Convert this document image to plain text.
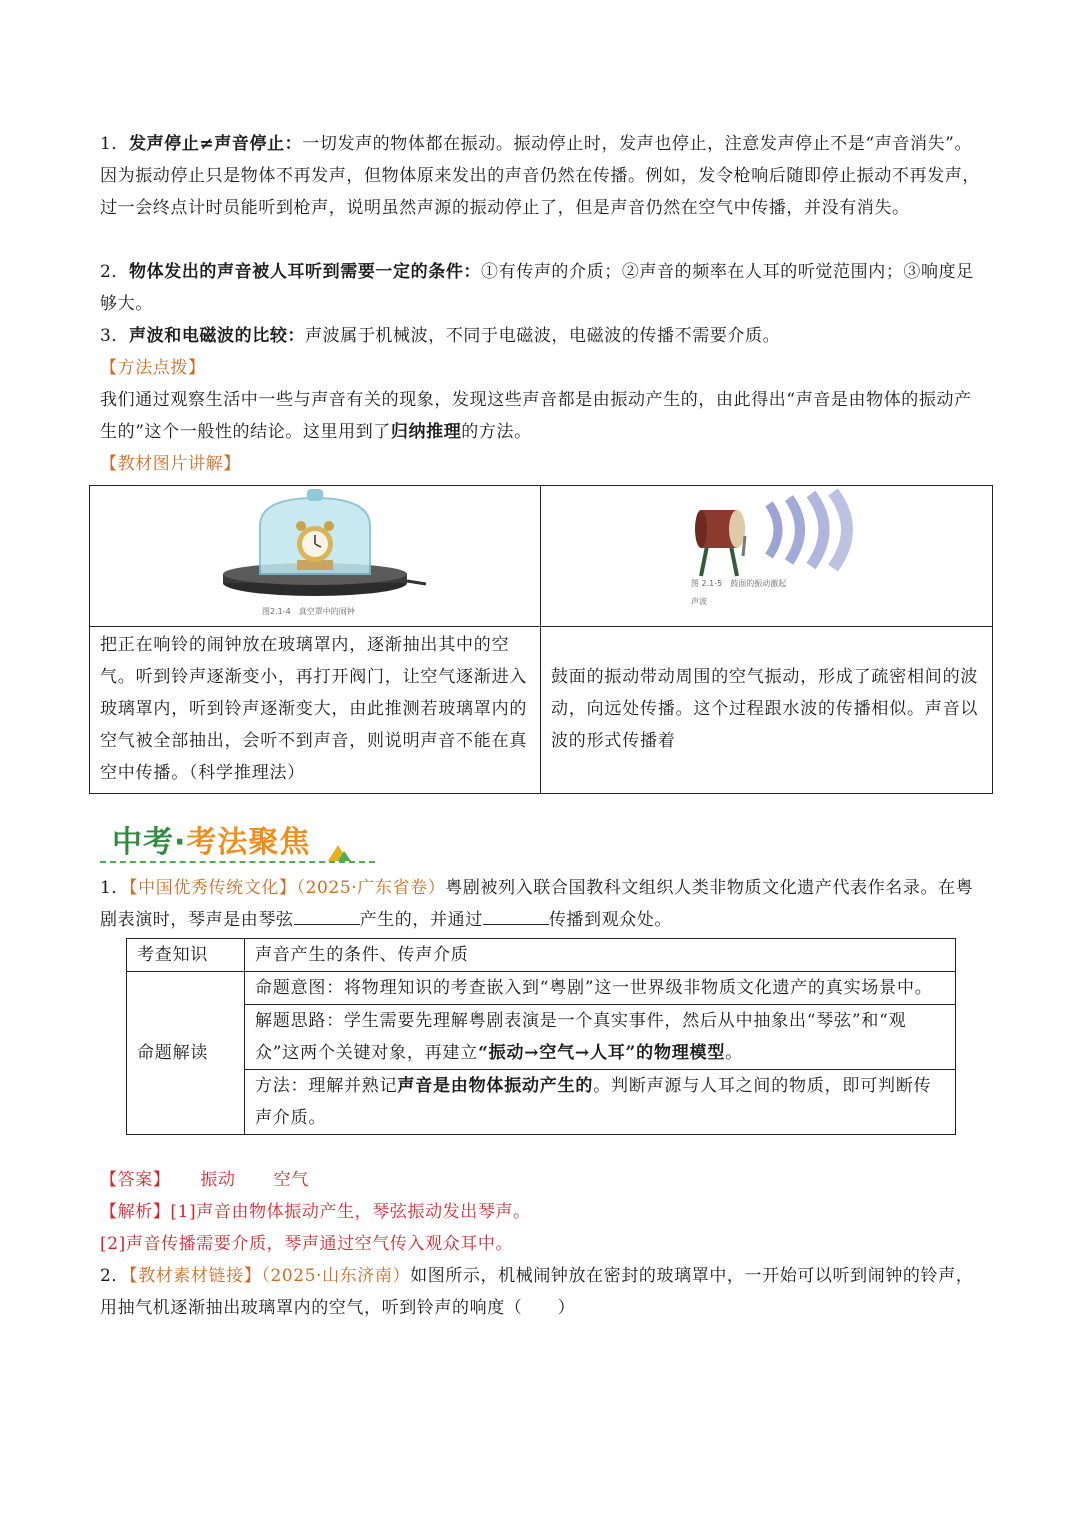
1．发声停止≠声音停止：一切发声的物体都在振动。振动停止时，发声也停止，注意发声停止不是“声音消失”。因为振动停止只是物体不再发声，但物体原来发出的声音仍然在传播。例如，发令枪响后随即停止振动不再发声，过一会终点计时员能听到枪声，说明虽然声源的振动停止了，但是声音仍然在空气中传播，并没有消失。
2．物体发出的声音被人耳听到需要一定的条件：①有传声的介质；②声音的频率在人耳的听觉范围内；③响度足够大。
3．声波和电磁波的比较：声波属于机械波，不同于电磁波，电磁波的传播不需要介质。
【方法点拨】
我们通过观察生活中一些与声音有关的现象，发现这些声音都是由振动产生的，由此得出“声音是由物体的振动产生的”这个一般性的结论。这里用到了归纳推理的方法。
【教材图片讲解】
图2.1-4　真空罩中的闹钟	图 2.1-5　鼓面的振动激起
声波

把正在响铃的闹钟放在玻璃罩内，逐渐抽出其中的空气。听到铃声逐渐变小，再打开阀门，让空气逐渐进入玻璃罩内，听到铃声逐渐变大，由此推测若玻璃罩内的空气被全部抽出，会听不到声音，则说明声音不能在真空中传播。（科学推理法）	鼓面的振动带动周围的空气振动，形成了疏密相间的波动，向远处传播。这个过程跟水波的传播相似。声音以波的形式传播着
中考·考法聚焦
1．【中国优秀传统文化】（2025·广东省卷）粤剧被列入联合国教科文组织人类非物质文化遗产代表作名录。在粤剧表演时，琴声是由琴弦	产生的，并通过	传播到观众处。
考查知识	声音产生的条件、传声介质
命题解读	命题意图：将物理知识的考查嵌入到“粤剧”这一世界级非物质文化遗产的真实场景中。
	解题思路：学生需要先理解粤剧表演是一个真实事件，然后从中抽象出“琴弦”和“观众”这两个关键对象，再建立“振动→空气→人耳”的物理模型。
	方法：理解并熟记声音是由物体振动产生的。判断声源与人耳之间的物质，即可判断传声介质。
【答案】 振动 空气
【解析】[1]声音由物体振动产生，琴弦振动发出琴声。
[2]声音传播需要介质，琴声通过空气传入观众耳中。
2．【教材素材链接】（2025·山东济南）如图所示，机械闹钟放在密封的玻璃罩中，一开始可以听到闹钟的铃声，用抽气机逐渐抽出玻璃罩内的空气，听到铃声的响度（　　）
